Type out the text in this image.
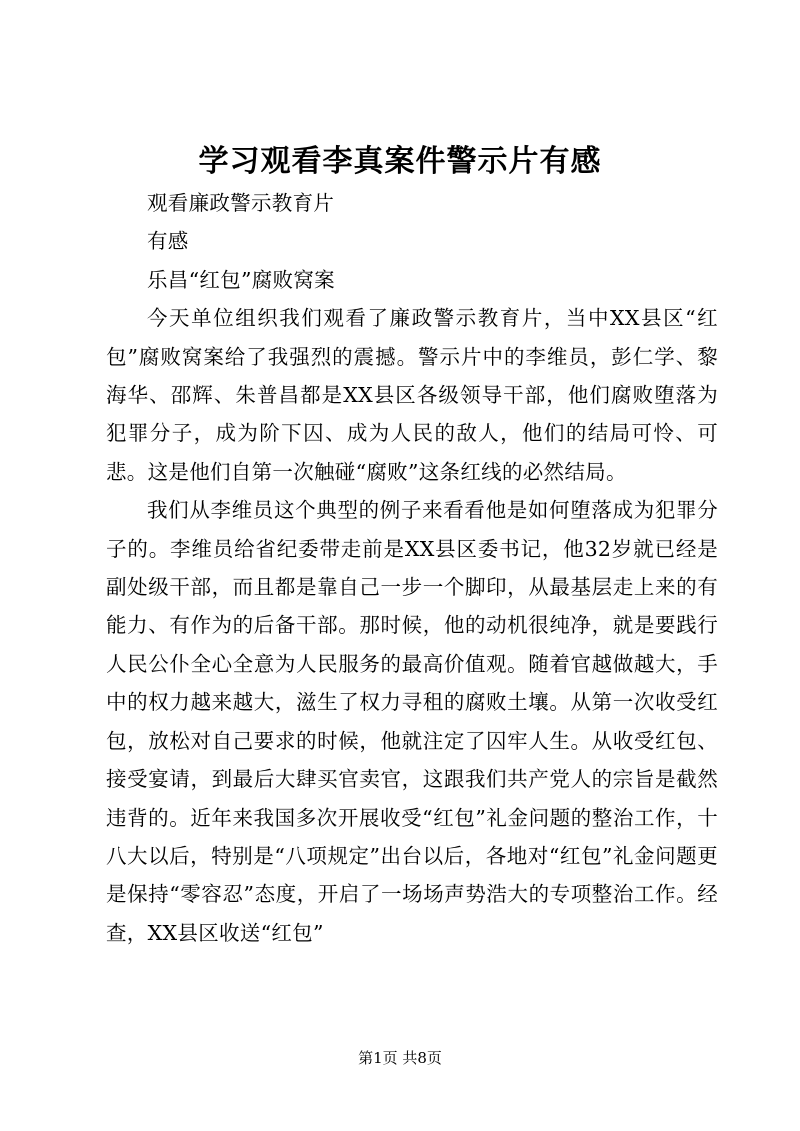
学习观看李真案件警示片有感

观看廉政警示教育片

有感

乐昌“红包”腐败窝案

今天单位组织我们观看了廉政警示教育片，当中XX县区“红包”腐败窝案给了我强烈的震撼。警示片中的李维员，彭仁学、黎海华、邵辉、朱普昌都是XX县区各级领导干部，他们腐败堕落为犯罪分子，成为阶下囚、成为人民的敌人，他们的结局可怜、可悲。这是他们自第一次触碰“腐败”这条红线的必然结局。

我们从李维员这个典型的例子来看看他是如何堕落成为犯罪分子的。李维员给省纪委带走前是XX县区委书记，他32岁就已经是副处级干部，而且都是靠自己一步一个脚印，从最基层走上来的有能力、有作为的后备干部。那时候，他的动机很纯净，就是要践行人民公仆全心全意为人民服务的最高价值观。随着官越做越大，手中的权力越来越大，滋生了权力寻租的腐败土壤。从第一次收受红包，放松对自己要求的时候，他就注定了囚牢人生。从收受红包、接受宴请，到最后大肆买官卖官，这跟我们共产党人的宗旨是截然违背的。近年来我国多次开展收受“红包”礼金问题的整治工作，十八大以后，特别是“八项规定”出台以后，各地对“红包”礼金问题更是保持“零容忍”态度，开启了一场场声势浩大的专项整治工作。经查，XX县区收送“红包”

第1页 共8页
